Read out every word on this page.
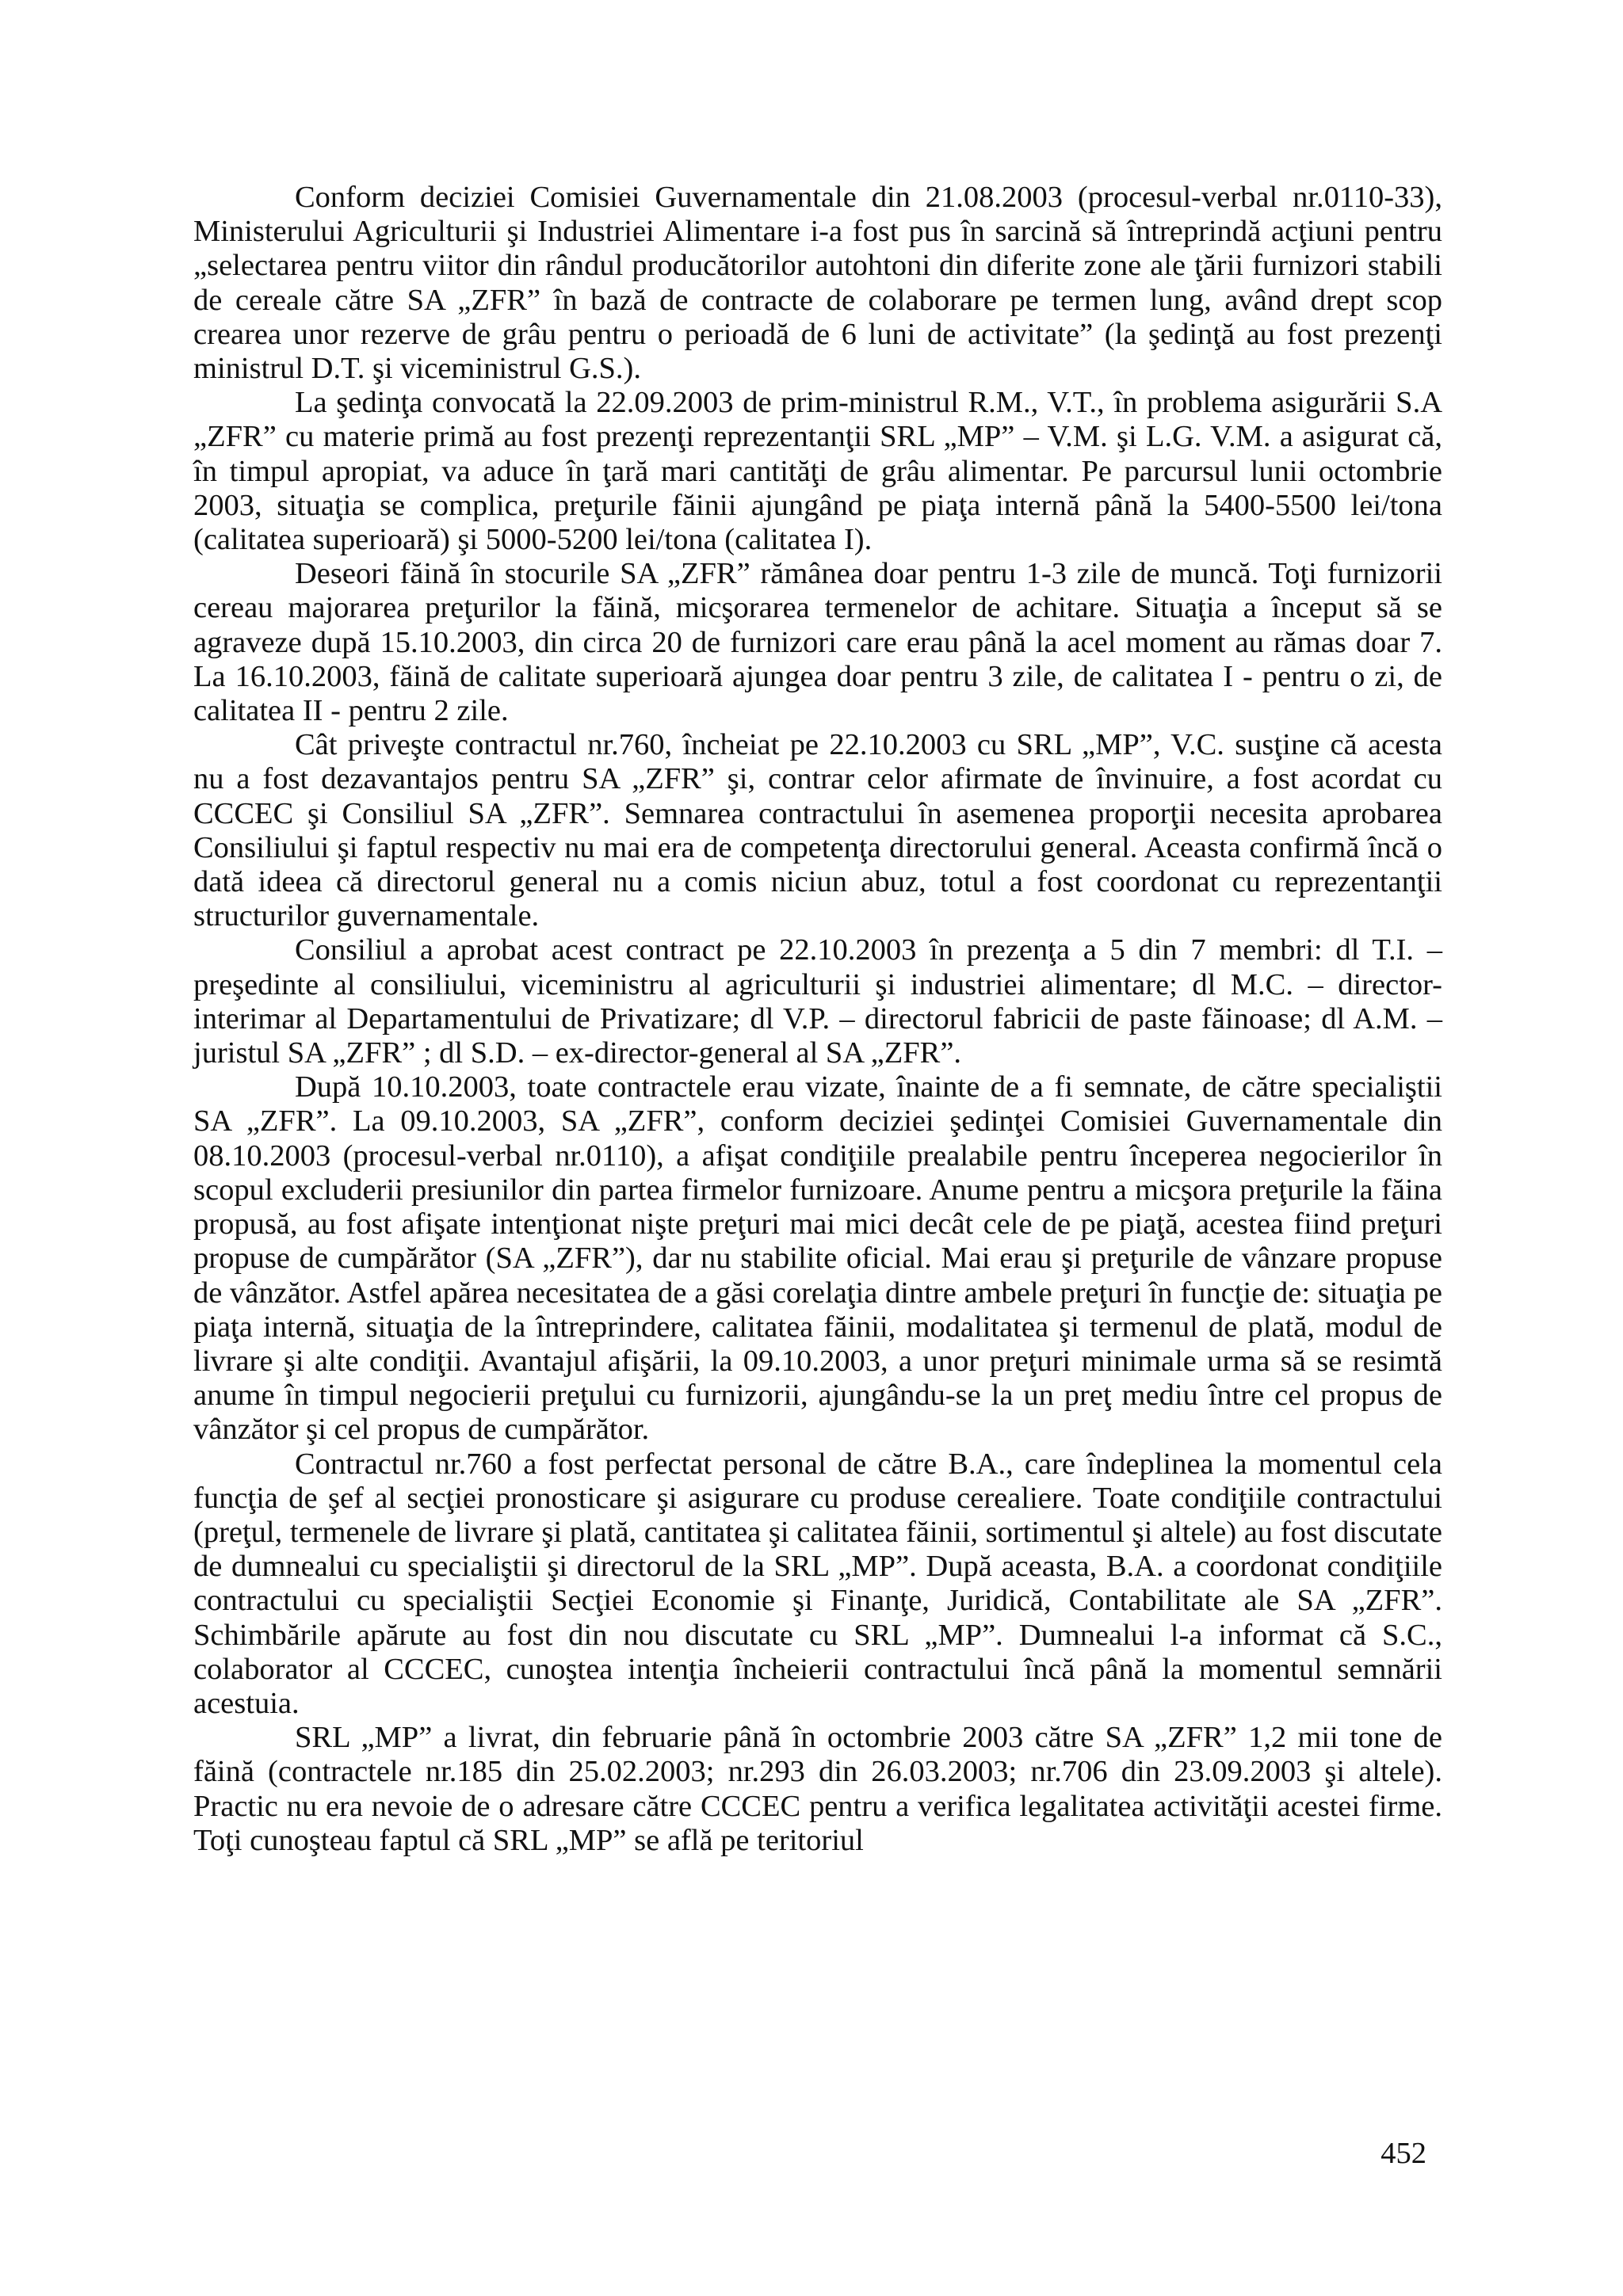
Conform deciziei Comisiei Guvernamentale din 21.08.2003 (procesul-verbal nr.0110-33), Ministerului Agriculturii şi Industriei Alimentare i-a fost pus în sarcină să întreprindă acţiuni pentru „selectarea pentru viitor din rândul producătorilor autohtoni din diferite zone ale ţării furnizori stabili de cereale către SA „ZFR” în bază de contracte de colaborare pe termen lung, având drept scop crearea unor rezerve de grâu pentru o perioadă de 6 luni de activitate” (la şedinţă au fost prezenţi ministrul D.T. şi viceministrul G.S.).

La şedinţa convocată la 22.09.2003 de prim-ministrul R.M., V.T., în problema asigurării S.A „ZFR” cu materie primă au fost prezenţi reprezentanţii SRL „MP” – V.M. şi L.G. V.M. a asigurat că, în timpul apropiat, va aduce în ţară mari cantităţi de grâu alimentar. Pe parcursul lunii octombrie 2003, situaţia se complica, preţurile făinii ajungând pe piaţa internă până la 5400-5500 lei/tona (calitatea superioară) şi 5000-5200 lei/tona (calitatea I).

Deseori făină în stocurile SA „ZFR” rămânea doar pentru 1-3 zile de muncă. Toţi furnizorii cereau majorarea preţurilor la făină, micşorarea termenelor de achitare. Situaţia a început să se agraveze după 15.10.2003, din circa 20 de furnizori care erau până la acel moment au rămas doar 7. La 16.10.2003, făină de calitate superioară ajungea doar pentru 3 zile, de calitatea I - pentru o zi, de calitatea II - pentru 2 zile.

Cât priveşte contractul nr.760, încheiat pe 22.10.2003 cu SRL „MP”, V.C. susţine că acesta nu a fost dezavantajos pentru SA „ZFR” şi, contrar celor afirmate de învinuire, a fost acordat cu CCCEC şi Consiliul SA „ZFR”. Semnarea contractului în asemenea proporţii necesita aprobarea Consiliului şi faptul respectiv nu mai era de competenţa directorului general. Aceasta confirmă încă o dată ideea că directorul general nu a comis niciun abuz, totul a fost coordonat cu reprezentanţii structurilor guvernamentale.

Consiliul a aprobat acest contract pe 22.10.2003 în prezenţa a 5 din 7 membri: dl T.I. – preşedinte al consiliului, viceministru al agriculturii şi industriei alimentare; dl M.C. – director-interimar al Departamentului de Privatizare; dl V.P. – directorul fabricii de paste făinoase; dl A.M. – juristul SA „ZFR” ; dl S.D. – ex-director-general al SA „ZFR”.

După 10.10.2003, toate contractele erau vizate, înainte de a fi semnate, de către specialiştii SA „ZFR”. La 09.10.2003, SA „ZFR”, conform deciziei şedinţei Comisiei Guvernamentale din 08.10.2003 (procesul-verbal nr.0110), a afişat condiţiile prealabile pentru începerea negocierilor în scopul excluderii presiunilor din partea firmelor furnizoare. Anume pentru a micşora preţurile la făina propusă, au fost afişate intenţionat nişte preţuri mai mici decât cele de pe piaţă, acestea fiind preţuri propuse de cumpărător (SA „ZFR”), dar nu stabilite oficial. Mai erau şi preţurile de vânzare propuse de vânzător. Astfel apărea necesitatea de a găsi corelaţia dintre ambele preţuri în funcţie de: situaţia pe piaţa internă, situaţia de la întreprindere, calitatea făinii, modalitatea şi termenul de plată, modul de livrare şi alte condiţii. Avantajul afişării, la 09.10.2003, a unor preţuri minimale urma să se resimtă anume în timpul negocierii preţului cu furnizorii, ajungându-se la un preţ mediu între cel propus de vânzător şi cel propus de cumpărător.

Contractul nr.760 a fost perfectat personal de către B.A., care îndeplinea la momentul cela funcţia de şef al secţiei pronosticare şi asigurare cu produse cerealiere. Toate condiţiile contractului (preţul, termenele de livrare şi plată, cantitatea şi calitatea făinii, sortimentul şi altele) au fost discutate de dumnealui cu specialiştii şi directorul de la SRL „MP”. După aceasta, B.A. a coordonat condiţiile contractului cu specialiştii Secţiei Economie şi Finanţe, Juridică, Contabilitate ale SA „ZFR”. Schimbările apărute au fost din nou discutate cu SRL „MP”. Dumnealui l-a informat că S.C., colaborator al CCCEC, cunoştea intenţia încheierii contractului încă până la momentul semnării acestuia.

SRL „MP” a livrat, din februarie până în octombrie 2003 către SA „ZFR” 1,2 mii tone de făină (contractele nr.185 din 25.02.2003; nr.293 din 26.03.2003; nr.706 din 23.09.2003 şi altele). Practic nu era nevoie de o adresare către CCCEC pentru a verifica legalitatea activităţii acestei firme. Toţi cunoşteau faptul că SRL „MP” se află pe teritoriul

452
